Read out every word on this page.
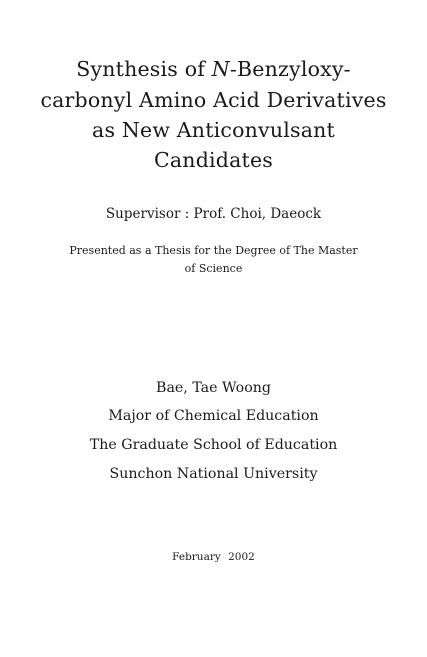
Synthesis of N-Benzyloxy-

carbonyl Amino Acid Derivatives

as New Anticonvulsant

Candidates

Supervisor : Prof. Choi, Daeock

Presented as a Thesis for the Degree of The Master

of Science

Bae, Tae Woong

Major of Chemical Education

The Graduate School of Education

Sunchon National University

February 2002
